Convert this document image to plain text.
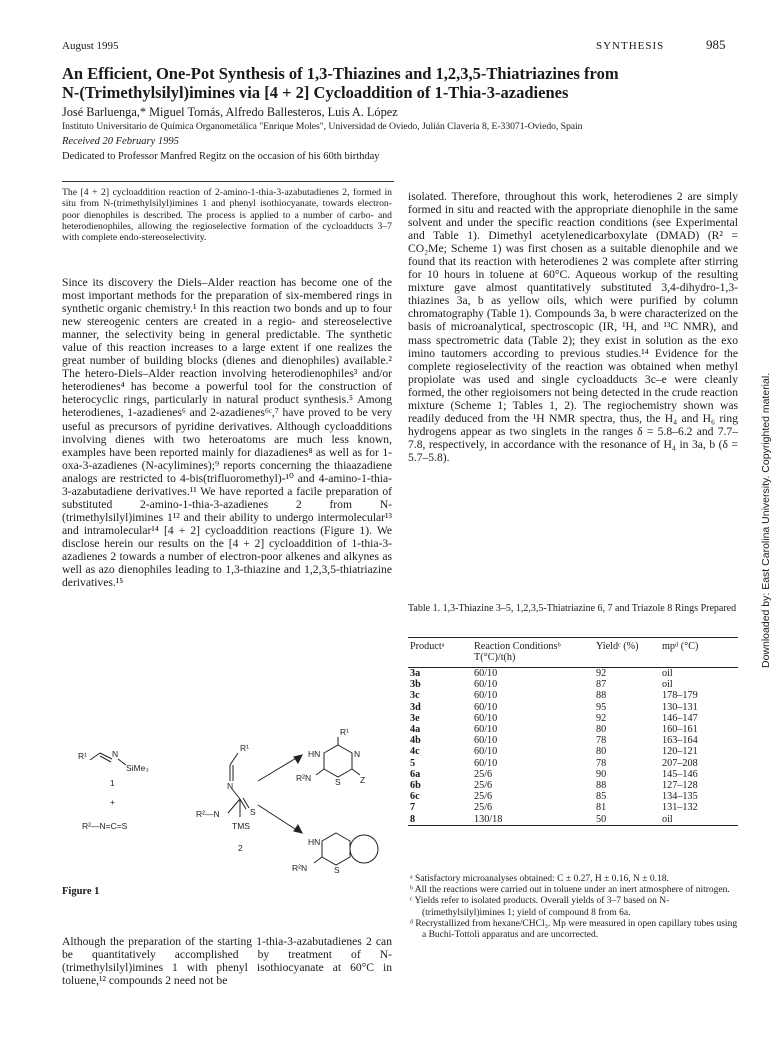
August 1995	SYNTHESIS	985
An Efficient, One-Pot Synthesis of 1,3-Thiazines and 1,2,3,5-Thiatriazines from
N-(Trimethylsilyl)imines via [4 + 2] Cycloaddition of 1-Thia-3-azadienes
José Barluenga,* Miguel Tomás, Alfredo Ballesteros, Luis A. López
Instituto Universitario de Química Organometálica "Enrique Moles", Universidad de Oviedo, Julián Clavería 8, E-33071-Oviedo, Spain
Received 20 February 1995
Dedicated to Professor Manfred Regitz on the occasion of his 60th birthday
The [4 + 2] cycloaddition reaction of 2-amino-1-thia-3-azabutadienes 2, formed in situ from N-(trimethylsilyl)imines 1 and phenyl isothiocyanate, towards electron-poor dienophiles is described. The process is applied to a number of carbo- and heterodienophiles, allowing the regioselective formation of the cycloadducts 3–7 with complete endo-stereoselectivity.
Since its discovery the Diels–Alder reaction has become one of the most important methods for the preparation of six-membered rings in synthetic organic chemistry.¹ In this reaction two bonds and up to four new stereogenic centers are created in a regio- and stereoselective manner, the selectivity being in general predictable. The synthetic value of this reaction increases to a large extent if one realizes the great number of building blocks (dienes and dienophiles) available.² The hetero-Diels–Alder reaction involving heterodienophiles³ and/or heterodienes⁴ has become a powerful tool for the construction of heterocyclic rings, particularly in natural product synthesis.⁵ Among heterodienes, 1-azadienes⁶ and 2-azadienes⁶ᶜ,⁷ have proved to be very useful as precursors of pyridine derivatives. Although cycloadditions involving dienes with two heteroatoms are much less known, examples have been reported mainly for diazadienes⁸ as well as for 1-oxa-3-azadienes (N-acylimines);⁹ reports concerning the thiaazadiene analogs are restricted to 4-bis(trifluoromethyl)-¹⁰ and 4-amino-1-thia-3-azabutadiene derivatives.¹¹ We have reported a facile preparation of substituted 2-amino-1-thia-3-azadienes 2 from N-(trimethylsilyl)imines 1¹² and their ability to undergo intermolecular¹³ and intramolecular¹⁴ [4 + 2] cycloaddition reactions (Figure 1). We disclose herein our results on the [4 + 2] cycloaddition of 1-thia-3-azadienes 2 towards a number of electron-poor alkenes and alkynes as well as azo dienophiles leading to 1,3-thiazine and 1,2,3,5-thiatriazine derivatives.¹⁵
R¹	N
SiMe₃
1
+
R²—N=C=S
R¹
N
R²—N	S
TMS
2
R¹
HN	N
R²N	S Z
HN
R²N	S
Figure 1
Although the preparation of the starting 1-thia-3-azabutadienes 2 can be quantitatively accomplished by treatment of N-(trimethylsilyl)imines 1 with phenyl isothiocyanate at 60°C in toluene,¹² compounds 2 need not be
isolated. Therefore, throughout this work, heterodienes 2 are simply formed in situ and reacted with the appropriate dienophile in the same solvent and under the specific reaction conditions (see Experimental and Table 1). Dimethyl acetylenedicarboxylate (DMAD) (R² = CO₂Me; Scheme 1) was first chosen as a suitable dienophile and we found that its reaction with heterodienes 2 was complete after stirring for 10 hours in toluene at 60°C. Aqueous workup of the resulting mixture gave almost quantitatively substituted 3,4-dihydro-1,3-thiazines 3a, b as yellow oils, which were purified by column chromatography (Table 1). Compounds 3a, b were characterized on the basis of microanalytical, spectroscopic (IR, ¹H, and ¹³C NMR), and mass spectrometric data (Table 2); they exist in solution as the exo imino tautomers according to previous studies.¹⁴ Evidence for the complete regioselectivity of the reaction was obtained when methyl propiolate was used and single cycloadducts 3c–e were cleanly formed, the other regioisomers not being detected in the crude reaction mixture (Scheme 1; Tables 1, 2). The regiochemistry shown was readily deduced from the ¹H NMR spectra, thus, the H₄ and H₆ ring hydrogens appear as two singlets in the ranges δ = 5.8–6.2 and 7.7–7.8, respectively, in accordance with the resonance of H₄ in 3a, b (δ = 5.7–5.8).
Table 1. 1,3-Thiazine 3–5, 1,2,3,5-Thiatriazine 6, 7 and Triazole 8 Rings Prepared
Productᵃ	Reaction Conditionsᵇ T(°C)/t(h)	Yieldᶜ (%)	mpᵈ (°C)
3a	60/10	92	oil
3b	60/10	87	oil
3c	60/10	88	178–179
3d	60/10	95	130–131
3e	60/10	92	146–147
4a	60/10	80	160–161
4b	60/10	78	163–164
4c	60/10	80	120–121
5	60/10	78	207–208
6a	25/6	90	145–146
6b	25/6	88	127–128
6c	25/6	85	134–135
7	25/6	81	131–132
8	130/18	50	oil
ᵃ Satisfactory microanalyses obtained: C ± 0.27, H ± 0.16, N ± 0.18.
ᵇ All the reactions were carried out in toluene under an inert atmosphere of nitrogen.
ᶜ Yields refer to isolated products. Overall yields of 3–7 based on N-(trimethylsilyl)imines 1; yield of compound 8 from 6a.
ᵈ Recrystallized from hexane/CHCl₃. Mp were measured in open capillary tubes using a Buchi-Tottoli apparatus and are uncorrected.
Downloaded by: East Carolina University. Copyrighted material.
